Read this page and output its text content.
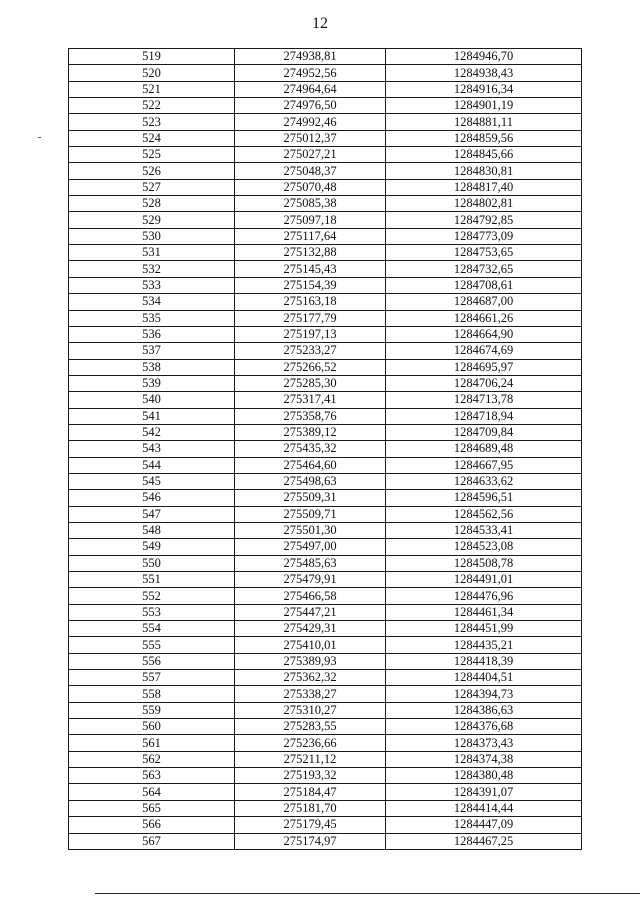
12
519	274938,81	1284946,70
520	274952,56	1284938,43
521	274964,64	1284916,34
522	274976,50	1284901,19
523	274992,46	1284881,11
524	275012,37	1284859,56
525	275027,21	1284845,66
526	275048,37	1284830,81
527	275070,48	1284817,40
528	275085,38	1284802,81
529	275097,18	1284792,85
530	275117,64	1284773,09
531	275132,88	1284753,65
532	275145,43	1284732,65
533	275154,39	1284708,61
534	275163,18	1284687,00
535	275177,79	1284661,26
536	275197,13	1284664,90
537	275233,27	1284674,69
538	275266,52	1284695,97
539	275285,30	1284706,24
540	275317,41	1284713,78
541	275358,76	1284718,94
542	275389,12	1284709,84
543	275435,32	1284689,48
544	275464,60	1284667,95
545	275498,63	1284633,62
546	275509,31	1284596,51
547	275509,71	1284562,56
548	275501,30	1284533,41
549	275497,00	1284523,08
550	275485,63	1284508,78
551	275479,91	1284491,01
552	275466,58	1284476,96
553	275447,21	1284461,34
554	275429,31	1284451,99
555	275410,01	1284435,21
556	275389,93	1284418,39
557	275362,32	1284404,51
558	275338,27	1284394,73
559	275310,27	1284386,63
560	275283,55	1284376,68
561	275236,66	1284373,43
562	275211,12	1284374,38
563	275193,32	1284380,48
564	275184,47	1284391,07
565	275181,70	1284414,44
566	275179,45	1284447,09
567	275174,97	1284467,25
